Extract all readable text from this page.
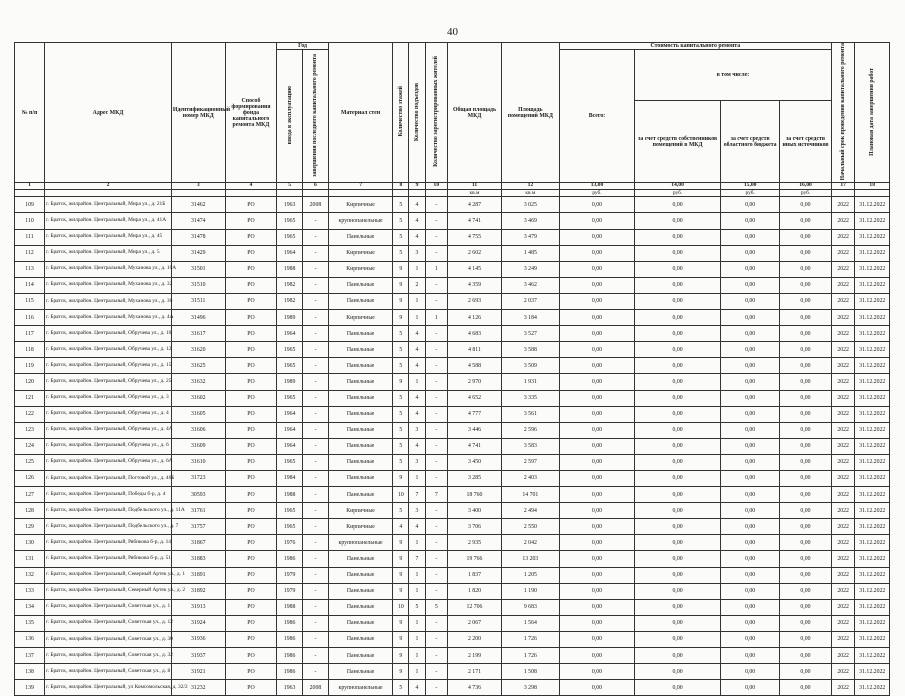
40
№ п/п	Адрес МКД	Идентификационный номер МКД	Способ формирования фонда капитального ремонта МКД	Год		Материал стен	Количество этажей	Количество подъездов	Количество зарегистрированных жителей	Общая площадь МКД	Площадь помещений МКД	Стоимость капитального ремонта				Начальный срок проведения капитального ремонта	Плановая дата завершения работ
				ввода в эксплуатацию	завершения последнего капитального ремонта							Всего:	в том числе:				
													за счет средств собственников помещений в МКД	за счет средств областного бюджета	за счет средств иных источников		
1	2	3	4	5	6	7	8	9	10	11	12	13,00	14,00	15,00	16,00	17	18
										кв.м	кв.м	руб.	руб.	руб.	руб.		
109	г. Братск, жилрайон. Центральный, Мира ул., д. 21Б	31462	РО	1963	2008	Кирпичные	5	4	-	4 287	3 025	0,00	0,00	0,00	0,00	2022	31.12.2022
110	г. Братск, жилрайон. Центральный, Мира ул., д. 41А	31474	РО	1965	-	крупнопанельные	5	4	-	4 741	3 469	0,00	0,00	0,00	0,00	2022	31.12.2022
111	г. Братск, жилрайон. Центральный, Мира ул., д. 45	31478	РО	1965	-	Панельные	5	4	-	4 755	3 479	0,00	0,00	0,00	0,00	2022	31.12.2022
112	г. Братск, жилрайон. Центральный, Мира ул., д. 5	31429	РО	1964	-	Кирпичные	5	3	-	2 602	1 485	0,00	0,00	0,00	0,00	2022	31.12.2022
113	г. Братск, жилрайон. Центральный, Муханова ул., д. 10А	31501	РО	1988	-	Кирпичные	9	1	1	4 145	3 249	0,00	0,00	0,00	0,00	2022	31.12.2022
114	г. Братск, жилрайон. Центральный, Муханова ул., д. 32	31510	РО	1982	-	Панельные	9	2	-	4 359	3 462	0,00	0,00	0,00	0,00	2022	31.12.2022
115	г. Братск, жилрайон. Центральный, Муханова ул., д. 36	31511	РО	1982	-	Панельные	9	1	-	2 693	2 037	0,00	0,00	0,00	0,00	2022	31.12.2022
116	г. Братск, жилрайон. Центральный, Муханова ул., д. 4А	31496	РО	1989	-	Кирпичные	9	1	1	4 126	3 184	0,00	0,00	0,00	0,00	2022	31.12.2022
117	г. Братск, жилрайон. Центральный, Обручева ул., д. 10	31617	РО	1964	-	Панельные	5	4	-	4 683	3 527	0,00	0,00	0,00	0,00	2022	31.12.2022
118	г. Братск, жилрайон. Центральный, Обручева ул., д. 12	31620	РО	1965	-	Панельные	5	4	-	4 811	3 588	0,00	0,00	0,00	0,00	2022	31.12.2022
119	г. Братск, жилрайон. Центральный, Обручева ул., д. 15	31625	РО	1965	-	Панельные	5	4	-	4 588	3 509	0,00	0,00	0,00	0,00	2022	31.12.2022
120	г. Братск, жилрайон. Центральный, Обручева ул., д. 25	31632	РО	1989	-	Панельные	9	1	-	2 970	1 931	0,00	0,00	0,00	0,00	2022	31.12.2022
121	г. Братск, жилрайон. Центральный, Обручева ул., д. 3	31602	РО	1965	-	Панельные	5	4	-	4 652	3 335	0,00	0,00	0,00	0,00	2022	31.12.2022
122	г. Братск, жилрайон. Центральный, Обручева ул., д. 4	31605	РО	1964	-	Панельные	5	4	-	4 777	3 561	0,00	0,00	0,00	0,00	2022	31.12.2022
123	г. Братск, жилрайон. Центральный, Обручева ул., д. 4А	31606	РО	1964	-	Панельные	5	3	-	3 446	2 596	0,00	0,00	0,00	0,00	2022	31.12.2022
124	г. Братск, жилрайон. Центральный, Обручева ул., д. 6	31609	РО	1964	-	Панельные	5	4	-	4 741	3 583	0,00	0,00	0,00	0,00	2022	31.12.2022
125	г. Братск, жилрайон. Центральный, Обручева ул., д. 6А	31610	РО	1965	-	Панельные	5	3	-	3 450	2 597	0,00	0,00	0,00	0,00	2022	31.12.2022
126	г. Братск, жилрайон. Центральный, Погтовой ул., д. 46Б	31723	РО	1984	-	Панельные	9	1	-	3 285	2 403	0,00	0,00	0,00	0,00	2022	31.12.2022
127	г. Братск, жилрайон. Центральный, Победы б-р, д. 4	30593	РО	1988	-	Панельные	10	7	7	18 760	14 701	0,00	0,00	0,00	0,00	2022	31.12.2022
128	г. Братск, жилрайон. Центральный, Подбельского ул., д. 11А	31761	РО	1965	-	Кирпичные	5	3	-	3 400	2 494	0,00	0,00	0,00	0,00	2022	31.12.2022
129	г. Братск, жилрайон. Центральный, Подбельского ул., д. 7	31757	РО	1965	-	Кирпичные	4	4	-	3 706	2 550	0,00	0,00	0,00	0,00	2022	31.12.2022
130	г. Братск, жилрайон. Центральный, Рябикова б-р, д. 14	31867	РО	1976	-	крупнопанельные	9	1	-	2 935	2 042	0,00	0,00	0,00	0,00	2022	31.12.2022
131	г. Братск, жилрайон. Центральный, Рябикова б-р, д. 51	31883	РО	1986	-	Панельные	9	7	-	19 766	13 203	0,00	0,00	0,00	0,00	2022	31.12.2022
132	г. Братск, жилрайон. Центральный, Северный Артек ул., д. 1	31891	РО	1979	-	Панельные	9	1	-	1 837	1 205	0,00	0,00	0,00	0,00	2022	31.12.2022
133	г. Братск, жилрайон. Центральный, Северный Артек ул., д. 2	31892	РО	1979	-	Панельные	9	1	-	1 820	1 190	0,00	0,00	0,00	0,00	2022	31.12.2022
134	г. Братск, жилрайон. Центральный, Советская ул., д. 1	31913	РО	1988	-	Панельные	10	5	5	12 706	9 683	0,00	0,00	0,00	0,00	2022	31.12.2022
135	г. Братск, жилрайон. Центральный, Советская ул., д. 12	31924	РО	1986	-	Панельные	9	1	-	2 067	1 564	0,00	0,00	0,00	0,00	2022	31.12.2022
136	г. Братск, жилрайон. Центральный, Советская ул., д. 30	31936	РО	1986	-	Панельные	9	1	-	2 200	1 726	0,00	0,00	0,00	0,00	2022	31.12.2022
137	г. Братск, жилрайон. Центральный, Советская ул., д. 32	31937	РО	1986	-	Панельные	9	1	-	2 199	1 726	0,00	0,00	0,00	0,00	2022	31.12.2022
138	г. Братск, жилрайон. Центральный, Советская ул., д. 8	31921	РО	1986	-	Панельные	9	1	-	2 171	1 508	0,00	0,00	0,00	0,00	2022	31.12.2022
139	г. Братск, жилрайон. Центральный, ул Комсомольская, д. 32/2	31232	РО	1963	2008	крупнопанельные	5	4	-	4 736	3 298	0,00	0,00	0,00	0,00	2022	31.12.2022
